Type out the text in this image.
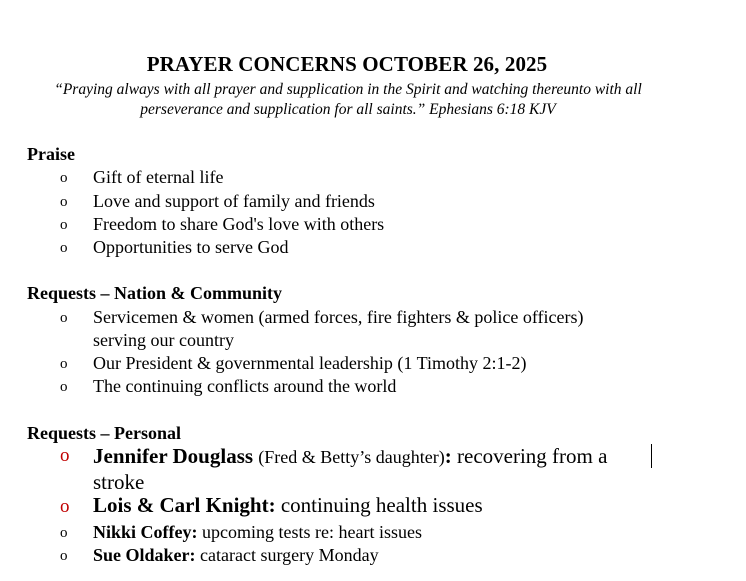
PRAYER CONCERNS OCTOBER 26, 2025
“Praying always with all prayer and supplication in the Spirit and watching thereunto with all perseverance and supplication for all saints.” Ephesians 6:18 KJV
Praise
o Gift of eternal life
o Love and support of family and friends
o Freedom to share God's love with others
o Opportunities to serve God
Requests – Nation & Community
o Servicemen & women (armed forces, fire fighters & police officers) serving our country
o Our President & governmental leadership (1 Timothy 2:1-2)
o The continuing conflicts around the world
Requests – Personal
o Jennifer Douglass (Fred & Betty’s daughter): recovering from a stroke
o Lois & Carl Knight: continuing health issues
o Nikki Coffey: upcoming tests re: heart issues
o Sue Oldaker: cataract surgery Monday
